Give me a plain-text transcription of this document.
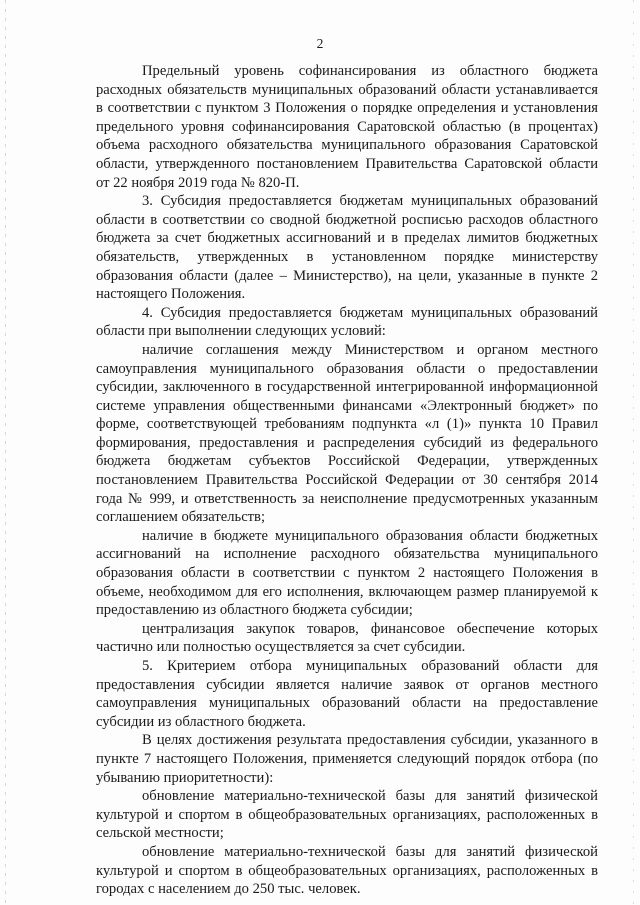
2

Предельный уровень софинансирования из областного бюджета расходных обязательств муниципальных образований области устанавливается в соответствии с пунктом 3 Положения о порядке определения и установления предельного уровня софинансирования Саратовской областью (в процентах) объема расходного обязательства муниципального образования Саратовской области, утвержденного постановлением Правительства Саратовской области от 22 ноября 2019 года № 820-П.

3. Субсидия предоставляется бюджетам муниципальных образований области в соответствии со сводной бюджетной росписью расходов областного бюджета за счет бюджетных ассигнований и в пределах лимитов бюджетных обязательств, утвержденных в установленном порядке министерству образования области (далее – Министерство), на цели, указанные в пункте 2 настоящего Положения.

4. Субсидия предоставляется бюджетам муниципальных образований области при выполнении следующих условий:

наличие соглашения между Министерством и органом местного самоуправления муниципального образования области о предоставлении субсидии, заключенного в государственной интегрированной информационной системе управления общественными финансами «Электронный бюджет» по форме, соответствующей требованиям подпункта «л (1)» пункта 10 Правил формирования, предоставления и распределения субсидий из федерального бюджета бюджетам субъектов Российской Федерации, утвержденных постановлением Правительства Российской Федерации от 30 сентября 2014 года № 999, и ответственность за неисполнение предусмотренных указанным соглашением обязательств;

наличие в бюджете муниципального образования области бюджетных ассигнований на исполнение расходного обязательства муниципального образования области в соответствии с пунктом 2 настоящего Положения в объеме, необходимом для его исполнения, включающем размер планируемой к предоставлению из областного бюджета субсидии;

централизация закупок товаров, финансовое обеспечение которых частично или полностью осуществляется за счет субсидии.

5. Критерием отбора муниципальных образований области для предоставления субсидии является наличие заявок от органов местного самоуправления муниципальных образований области на предоставление субсидии из областного бюджета.

В целях достижения результата предоставления субсидии, указанного в пункте 7 настоящего Положения, применяется следующий порядок отбора (по убыванию приоритетности):

обновление материально-технической базы для занятий физической культурой и спортом в общеобразовательных организациях, расположенных в сельской местности;

обновление материально-технической базы для занятий физической культурой и спортом в общеобразовательных организациях, расположенных в городах с населением до 250 тыс. человек.
